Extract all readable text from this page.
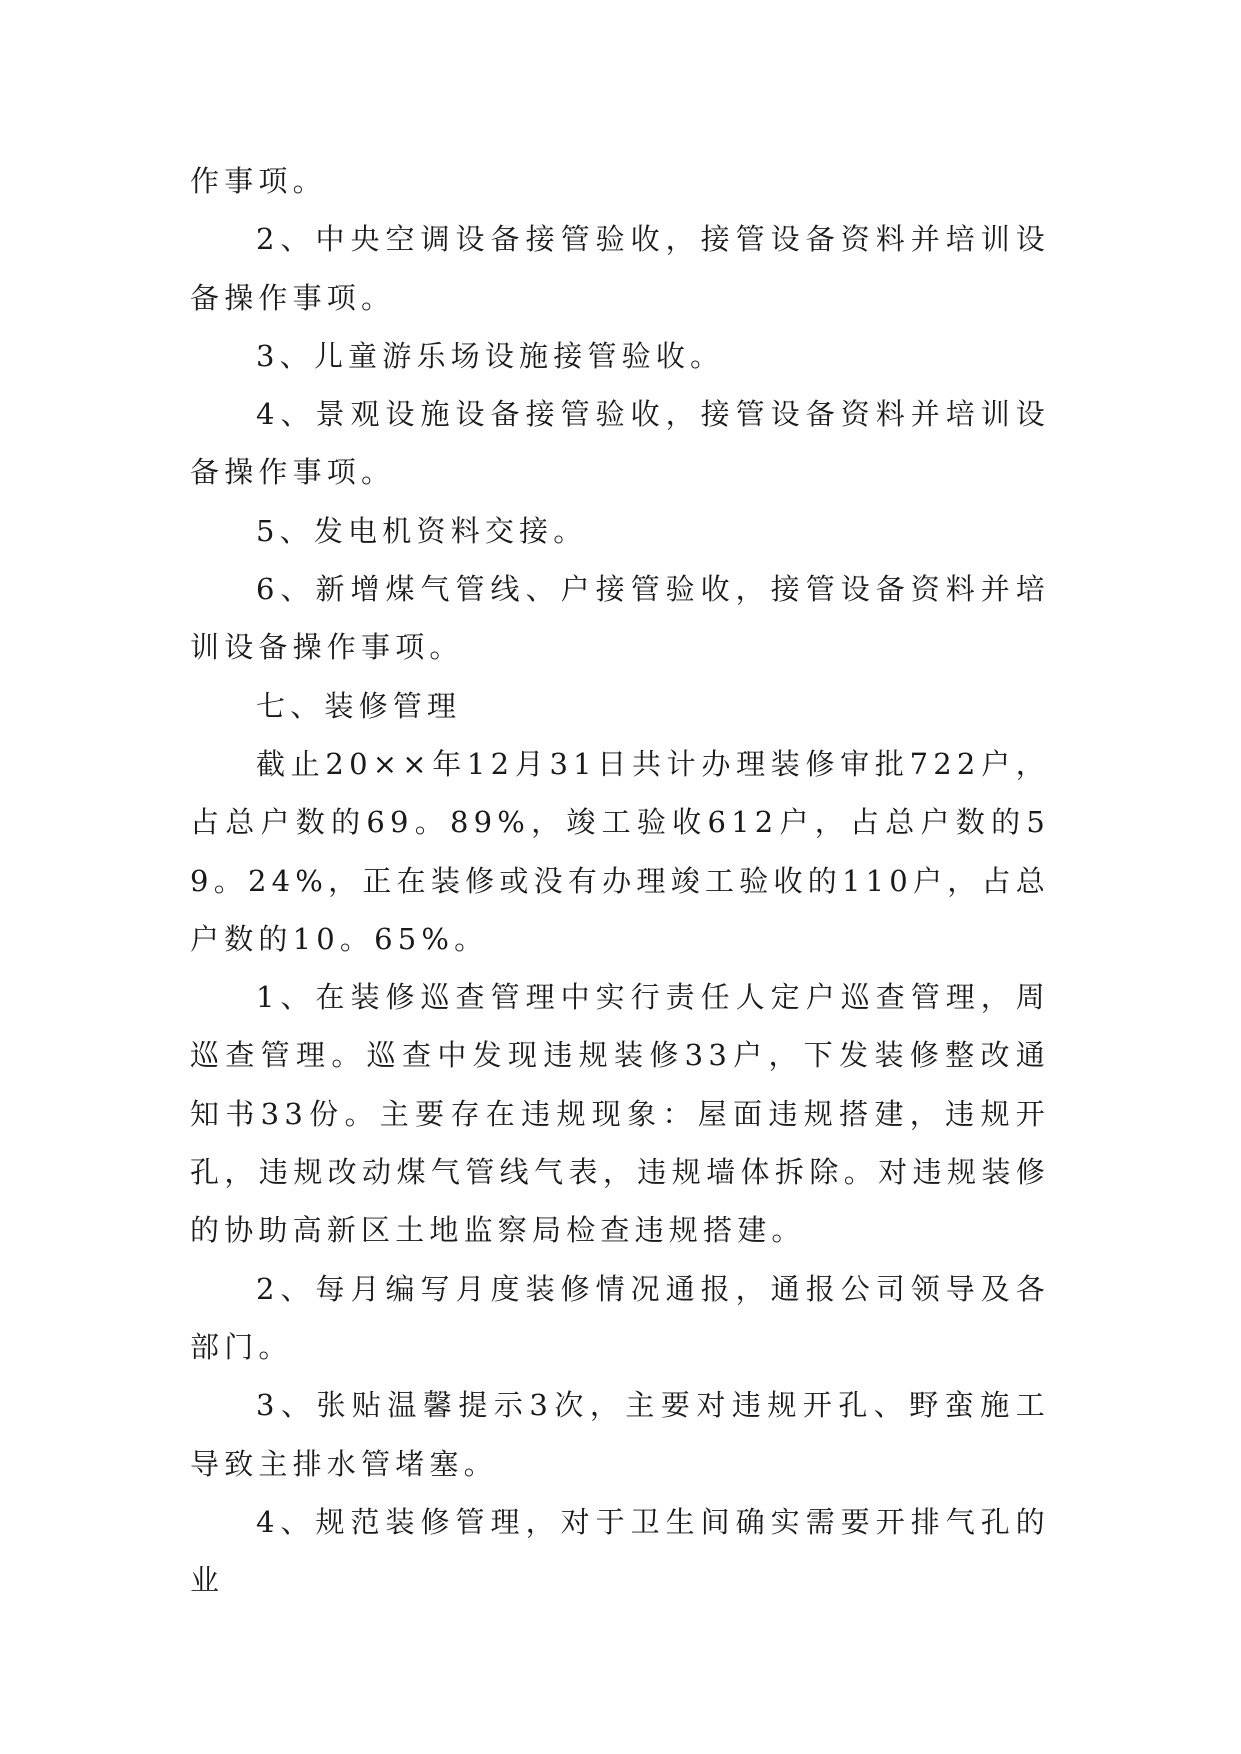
作事项。

2、中央空调设备接管验收，接管设备资料并培训设备操作事项。

3、儿童游乐场设施接管验收。

4、景观设施设备接管验收，接管设备资料并培训设备操作事项。

5、发电机资料交接。

6、新增煤气管线、户接管验收，接管设备资料并培训设备操作事项。

七、装修管理

截止20××年12月31日共计办理装修审批722户，占总户数的69。89%，竣工验收612户，占总户数的59。24%，正在装修或没有办理竣工验收的110户，占总户数的10。65%。

1、在装修巡查管理中实行责任人定户巡查管理，周巡查管理。巡查中发现违规装修33户，下发装修整改通知书33份。主要存在违规现象：屋面违规搭建，违规开孔，违规改动煤气管线气表，违规墙体拆除。对违规装修的协助高新区土地监察局检查违规搭建。

2、每月编写月度装修情况通报，通报公司领导及各部门。

3、张贴温馨提示3次，主要对违规开孔、野蛮施工导致主排水管堵塞。

4、规范装修管理，对于卫生间确实需要开排气孔的业
